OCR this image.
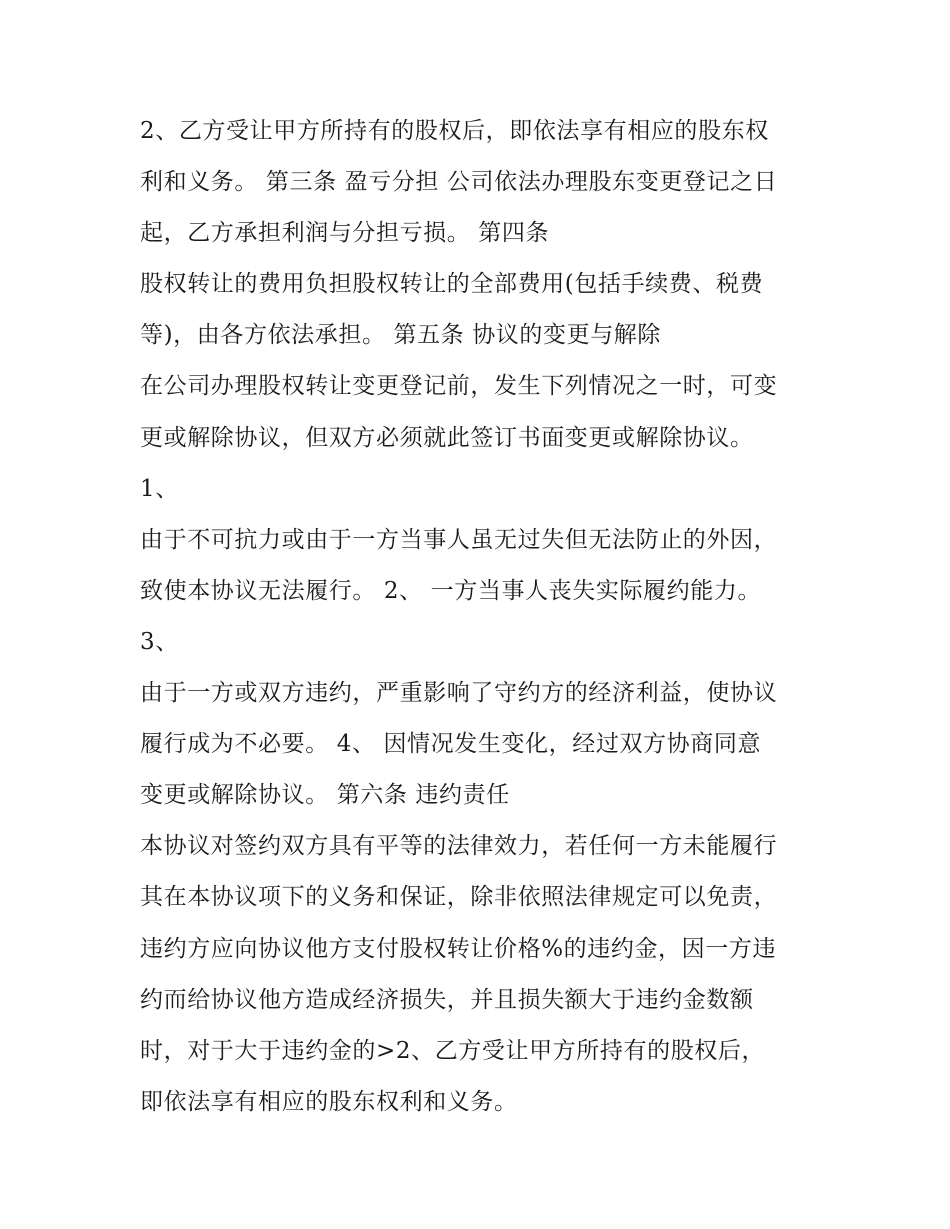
2、乙方受让甲方所持有的股权后，即依法享有相应的股东权
利和义务。 第三条 盈亏分担 公司依法办理股东变更登记之日
起，乙方承担利润与分担亏损。 第四条
股权转让的费用负担股权转让的全部费用(包括手续费、税费
等)，由各方依法承担。 第五条 协议的变更与解除
在公司办理股权转让变更登记前，发生下列情况之一时，可变
更或解除协议，但双方必须就此签订书面变更或解除协议。
1、
由于不可抗力或由于一方当事人虽无过失但无法防止的外因，
致使本协议无法履行。 2、 一方当事人丧失实际履约能力。
3、
由于一方或双方违约，严重影响了守约方的经济利益，使协议
履行成为不必要。 4、 因情况发生变化，经过双方协商同意
变更或解除协议。 第六条 违约责任
本协议对签约双方具有平等的法律效力，若任何一方未能履行
其在本协议项下的义务和保证，除非依照法律规定可以免责，
违约方应向协议他方支付股权转让价格%的违约金，因一方违
约而给协议他方造成经济损失，并且损失额大于违约金数额
时，对于大于违约金的>2、乙方受让甲方所持有的股权后，
即依法享有相应的股东权利和义务。
